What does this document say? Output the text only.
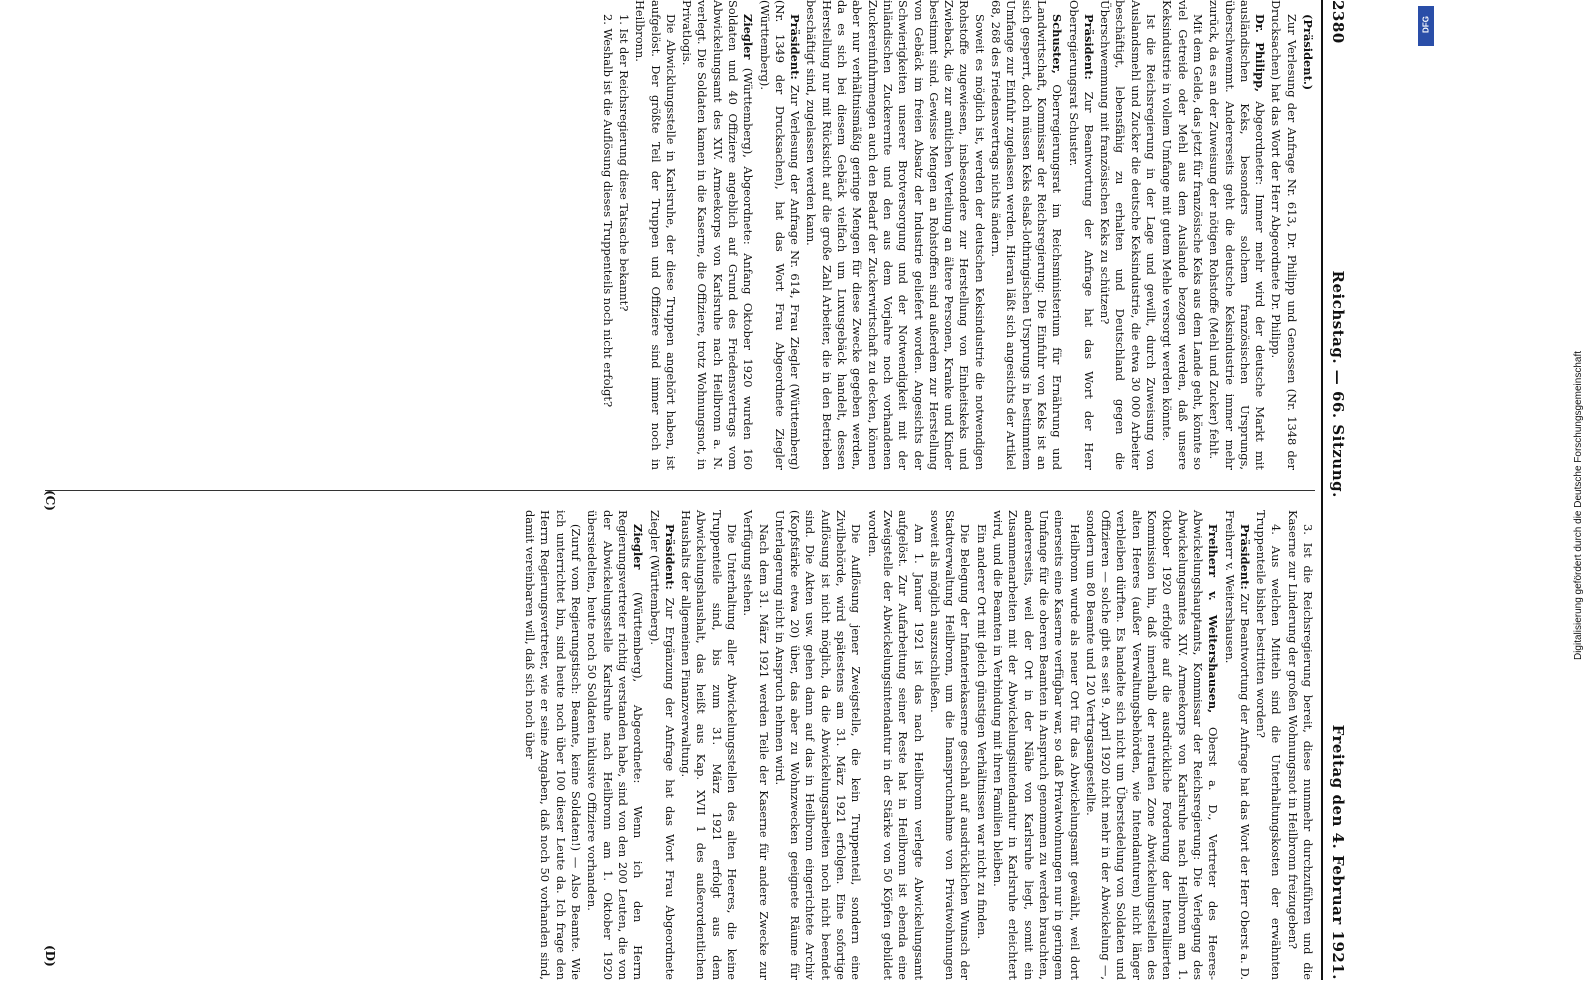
2380
Reichstag. — 66. Sitzung.
Freitag den 4. Februar 1921.

(Präsident.)

Zur Verlesung der Anfrage Nr. 613, Dr. Philipp und Genossen (Nr. 1348 der Drucksachen) hat das Wort der Herr Abgeordnete Dr. Philipp.

Dr. Philipp, Abgeordneter: Immer mehr wird der deutsche Markt mit ausländischen Keks, besonders solchem französischen Ursprungs, überschwemmt. Andererseits geht die deutsche Keksindustrie immer mehr zurück, da es an der Zuweisung der nötigen Rohstoffe (Mehl und Zucker) fehlt.

Mit dem Gelde, das jetzt für französische Keks aus dem Lande geht, könnte so viel Getreide oder Mehl aus dem Auslande bezogen werden, daß unsere Keksindustrie in vollem Umfange mit gutem Mehle versorgt werden könnte.

Ist die Reichsregierung in der Lage und gewillt, durch Zuweisung von Auslandsmehl und Zucker die deutsche Keksindustrie, die etwa 30 000 Arbeiter beschäftigt, lebensfähig zu erhalten und Deutschland gegen die Überschwemmung mit französischen Keks zu schützen?

Präsident: Zur Beantwortung der Anfrage hat das Wort der Herr Oberregierungsrat Schuster.

Schuster, Oberregierungsrat im Reichsministerium für Ernährung und Landwirtschaft, Kommissar der Reichsregierung: Die Einfuhr von Keks ist an sich gesperrt, doch müssen Keks elsaß-lothringischen Ursprungs in bestimmtem Umfange zur Einfuhr zugelassen werden. Hieran läßt sich angesichts der Artikel 68, 268 des Friedensvertrags nichts ändern.

Soweit es möglich ist, werden der deutschen Keksindustrie die notwendigen Rohstoffe zugewiesen, insbesondere zur Herstellung von Einheitskeks und Zwieback, die zur amtlichen Verteilung an ältere Personen, Kranke und Kinder bestimmt sind. Gewisse Mengen an Rohstoffen sind außerdem zur Herstellung von Gebäck im freien Absatz der Industrie geliefert worden. Angesichts der Schwierigkeiten unserer Brotversorgung und der Notwendigkeit mit der inländischen Zuckerernte und den aus dem Vorjahre noch vorhandenen Zuckereinfuhrmengen auch den Bedarf der Zuckerwirtschaft zu decken, können aber nur verhältnismäßig geringe Mengen für diese Zwecke gegeben werden, da es sich bei diesem Gebäck vielfach um Luxusgebäck handelt, dessen Herstellung nur mit Rücksicht auf die große Zahl Arbeiter, die in den Betrieben beschäftigt sind, zugelassen werden kann.

Präsident: Zur Verlesung der Anfrage Nr. 614, Frau Ziegler (Württemberg) (Nr. 1349 der Drucksachen), hat das Wort Frau Abgeordnete Ziegler (Württemberg).

Ziegler (Württemberg), Abgeordnete: Anfang Oktober 1920 wurden 160 Soldaten und 40 Offiziere angeblich auf Grund des Friedensvertrags vom Abwickelungsamt des XIV. Armeekorps von Karlsruhe nach Heilbronn a. N. verlegt. Die Soldaten kamen in die Kaserne, die Offiziere, trotz Wohnungsnot, in Privatlogis.

Die Abwicklungsstelle in Karlsruhe, der diese Truppen angehört haben, ist aufgelöst. Der größte Teil der Truppen und Offiziere sind immer noch in Heilbronn.

1. Ist der Reichsregierung diese Tatsache bekannt?

2. Weshalb ist die Auflösung dieses Truppenteils noch nicht erfolgt?

3. Ist die Reichsregierung bereit, diese nunmehr durchzuführen und die Kaserne zur Linderung der großen Wohnungsnot in Heilbronn freizugeben?

4. Aus welchen Mitteln sind die Unterhaltungskosten der erwähnten Truppenteile bisher bestritten worden?

Präsident: Zur Beantwortung der Anfrage hat das Wort der Herr Oberst a. D. Freiherr v. Weitershausen.

Freiherr v. Weitershausen, Oberst a. D., Vertreter des Heeres-Abwickelungshauptamts, Kommissar der Reichsregierung: Die Verlegung des Abwickelungsamtes XIV. Armeekorps von Karlsruhe nach Heilbronn am 1. Oktober 1920 erfolgte auf die ausdrückliche Forderung der Interalliierten Kommission hin, daß innerhalb der neutralen Zone Abwickelungsstellen des alten Heeres (außer Verwaltungsbehörden, wie Intendanturen) nicht länger verbleiben dürften. Es handelte sich nicht um Überstedelung von Soldaten und Offizieren — solche gibt es seit 9. April 1920 nicht mehr in der Abwickelung —, sondern um 80 Beamte und 120 Vertragsangestellte.

Heilbronn wurde als neuer Ort für das Abwickelungsamt gewählt, weil dort einerseits eine Kaserne verfügbar war, so daß Privatwohnungen nur in geringem Umfange für die oberen Beamten in Anspruch genommen zu werden brauchten, andererseits, weil der Ort in der Nähe von Karlsruhe liegt, somit ein Zusammenarbeiten mit der Abwickelungsintendantur in Karlsruhe erleichtert wird, und die Beamten in Verbindung mit ihren Familien bleiben.

Ein anderer Ort mit gleich günstigen Verhältnissen war nicht zu finden.

Die Belegung der Infanteriekaserne geschah auf ausdrücklichen Wunsch der Stadtverwaltung Heilbronn, um die Inanspruchnahme von Privatwohnungen soweit als möglich auszuschließen.

Am 1. Januar 1921 ist das nach Heilbronn verlegte Abwickelungsamt aufgelöst. Zur Aufarbeitung seiner Reste hat in Heilbronn ist ebenda eine Zweigstelle der Abwickelungsintendantur in der Stärke von 50 Köpfen gebildet worden.

Die Auflösung jener Zweigstelle, die kein Truppenteil, sondern eine Zivilbehörde, wird spätestens am 31. März 1921 erfolgen. Eine sofortige Auflösung ist nicht möglich, da die Abwickelungsarbeiten noch nicht beendet sind. Die Akten usw. gehen dann auf das in Heilbronn eingerichtete Archiv (Kopfstärke etwa 20) über, das aber zu Wohnzwecken geeignete Räume für Unterlagerung nicht in Anspruch nehmen wird.

Nach dem 31. März 1921 werden Teile der Kaserne für andere Zwecke zur Verfügung stehen.

Die Unterhaltung aller Abwickelungsstellen des alten Heeres, die keine Truppenteile sind, bis zum 31. März 1921 erfolgt aus dem Abwickelungshaushalt, das heißt aus Kap. XVII 1 des außerordentlichen Haushalts der allgemeinen Finanzverwaltung.

Präsident: Zur Ergänzung der Anfrage hat das Wort Frau Abgeordnete Ziegler (Württemberg).

Ziegler (Württemberg), Abgeordnete: Wenn ich den Herrn Regierungsvertreter richtig verstanden habe, sind von den 200 Leuten, die von der Abwickelungsstelle Karlsruhe nach Heilbronn am 1. Oktober 1920 übersiedelten, heute noch 50 Soldaten inklusive Offiziere vorhanden.

(Zuruf vom Regierungstisch: Beamte, keine Soldaten!) — Also Beamte. Wie ich unterrichtet bin, sind heute noch über 100 dieser Leute da. Ich frage den Herrn Regierungsvertreter, wie er seine Angaben, daß noch 50 vorhanden sind, damit vereinbaren will, daß sich noch über

(C)
(D)
DFG
Digitalisierung gefördert durch die Deutsche Forschungsgemeinschaft
